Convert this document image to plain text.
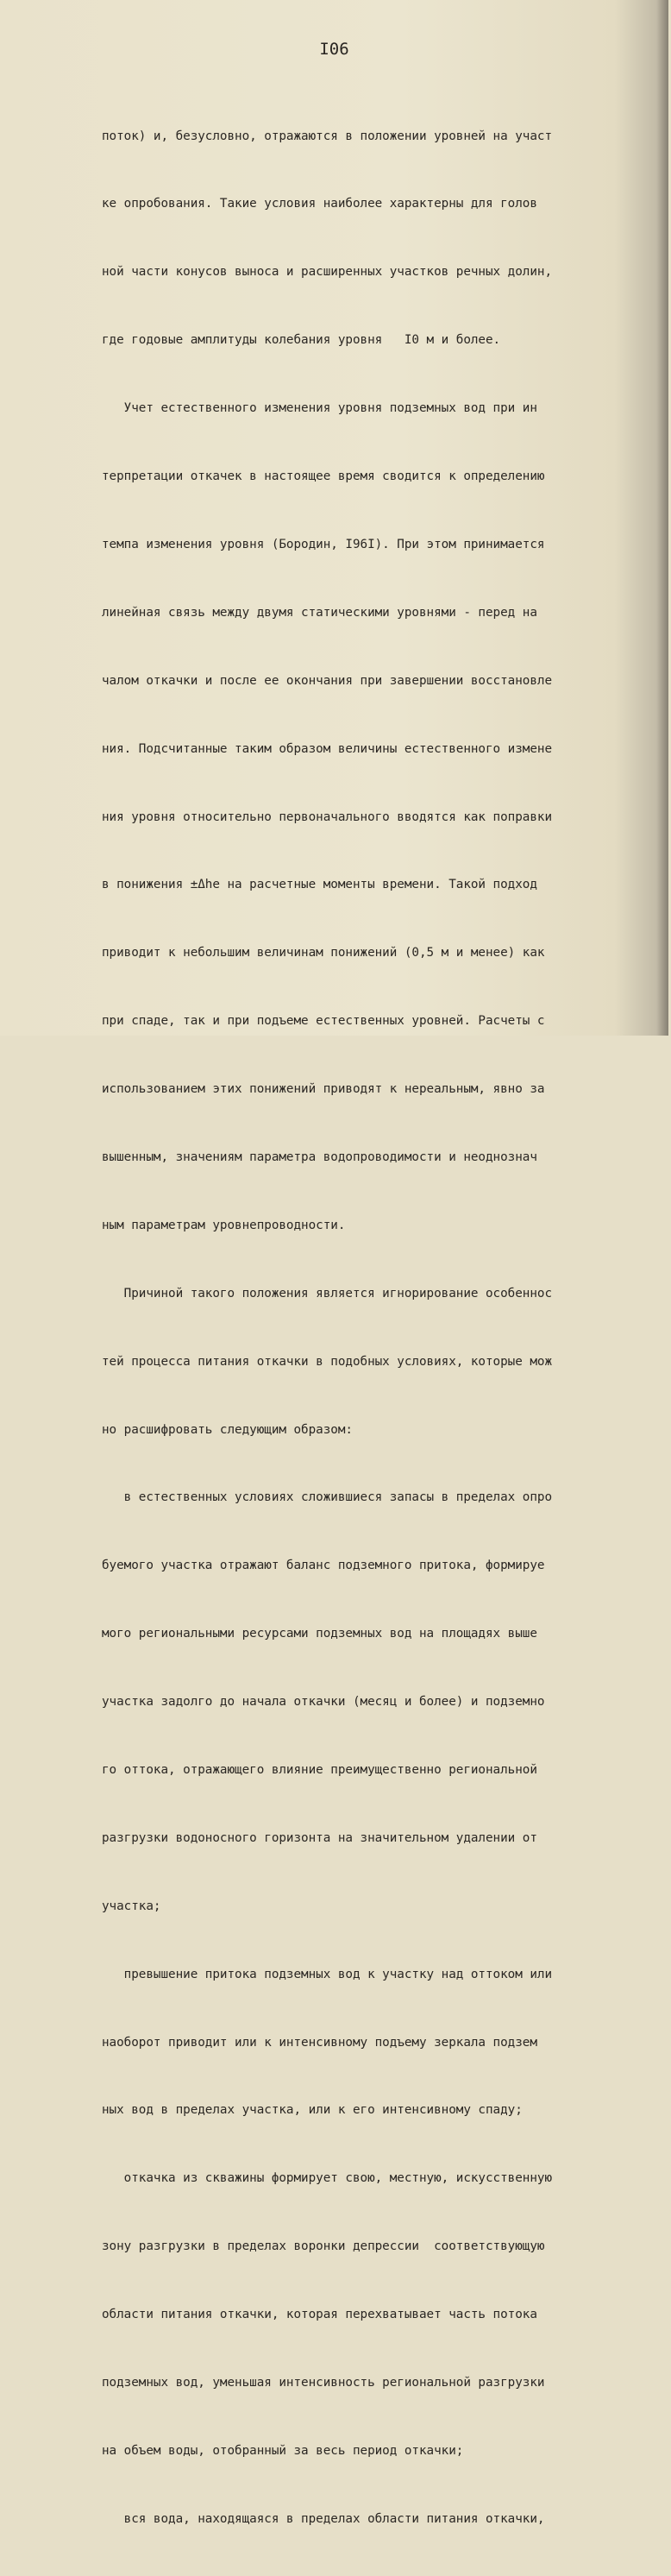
I06

поток) и, безусловно, отражаются в положении уровней на участ

ке опробования. Такие условия наиболее характерны для голов

ной части конусов выноса и расширенных участков речных долин,

где годовые амплитуды колебания уровня   I0 м и более.

Учет естественного изменения уровня подземных вод при ин

терпретации откачек в настоящее время сводится к определению

темпа изменения уровня (Бородин, I96I). При этом принимается

линейная связь между двумя статическими уровнями - перед на

чалом откачки и после ее окончания при завершении восстановле

ния. Подсчитанные таким образом величины естественного измене

ния уровня относительно первоначального вводятся как поправки

в понижения ±Δhе на расчетные моменты времени. Такой подход

приводит к небольшим величинам понижений (0,5 м и менее) как

при спаде, так и при подъеме естественных уровней. Расчеты с

использованием этих понижений приводят к нереальным, явно за

вышенным, значениям параметра водопроводимости и неоднознач

ным параметрам уровнепроводности.

Причиной такого положения является игнорирование особеннос

тей процесса питания откачки в подобных условиях, которые мож

но расшифровать следующим образом:

в естественных условиях сложившиеся запасы в пределах опро

буемого участка отражают баланс подземного притока, формируе

мого региональными ресурсами подземных вод на площадях выше

участка задолго до начала откачки (месяц и более) и подземно

го оттока, отражающего влияние преимущественно региональной

разгрузки водоносного горизонта на значительном удалении от

участка;

превышение притока подземных вод к участку над оттоком или

наоборот приводит или к интенсивному подъему зеркала подзем

ных вод в пределах участка, или к его интенсивному спаду;

откачка из скважины формирует свою, местную, искусственную

зону разгрузки в пределах воронки депрессии  соответствующую

области питания откачки, которая перехватывает часть потока

подземных вод, уменьшая интенсивность региональной разгрузки

на объем воды, отобранный за весь период откачки;

вся вода, находящаяся в пределах области питания откачки,
